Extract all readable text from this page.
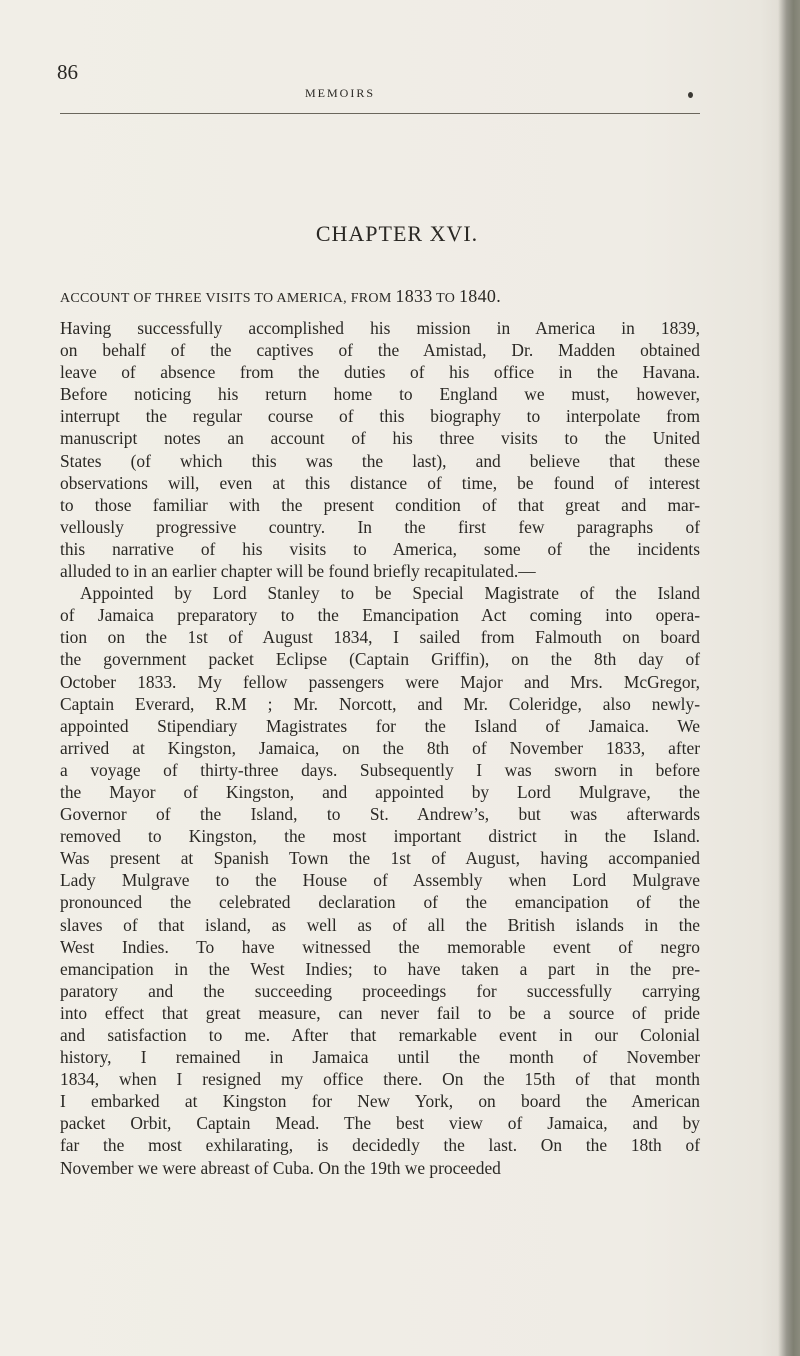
86
MEMOIRS
CHAPTER XVI.
ACCOUNT OF THREE VISITS TO AMERICA, FROM 1833 TO 1840.
Having successfully accomplished his mission in America in 1839,
on behalf of the captives of the Amistad, Dr. Madden obtained
leave of absence from the duties of his office in the Havana.
Before noticing his return home to England we must, however,
interrupt the regular course of this biography to interpolate from
manuscript notes an account of his three visits to the United
States (of which this was the last), and believe that these
observations will, even at this distance of time, be found of interest
to those familiar with the present condition of that great and mar-
vellously progressive country. In the first few paragraphs of
this narrative of his visits to America, some of the incidents
alluded to in an earlier chapter will be found briefly recapitulated.—
Appointed by Lord Stanley to be Special Magistrate of the Island
of Jamaica preparatory to the Emancipation Act coming into opera-
tion on the 1st of August 1834, I sailed from Falmouth on board
the government packet Eclipse (Captain Griffin), on the 8th day of
October 1833. My fellow passengers were Major and Mrs. McGregor,
Captain Everard, R.M ; Mr. Norcott, and Mr. Coleridge, also newly-
appointed Stipendiary Magistrates for the Island of Jamaica. We
arrived at Kingston, Jamaica, on the 8th of November 1833, after
a voyage of thirty-three days. Subsequently I was sworn in before
the Mayor of Kingston, and appointed by Lord Mulgrave, the
Governor of the Island, to St. Andrew’s, but was afterwards
removed to Kingston, the most important district in the Island.
Was present at Spanish Town the 1st of August, having accompanied
Lady Mulgrave to the House of Assembly when Lord Mulgrave
pronounced the celebrated declaration of the emancipation of the
slaves of that island, as well as of all the British islands in the
West Indies. To have witnessed the memorable event of negro
emancipation in the West Indies; to have taken a part in the pre-
paratory and the succeeding proceedings for successfully carrying
into effect that great measure, can never fail to be a source of pride
and satisfaction to me. After that remarkable event in our Colonial
history, I remained in Jamaica until the month of November
1834, when I resigned my office there. On the 15th of that month
I embarked at Kingston for New York, on board the American
packet Orbit, Captain Mead. The best view of Jamaica, and by
far the most exhilarating, is decidedly the last. On the 18th of
November we were abreast of Cuba. On the 19th we proceeded
